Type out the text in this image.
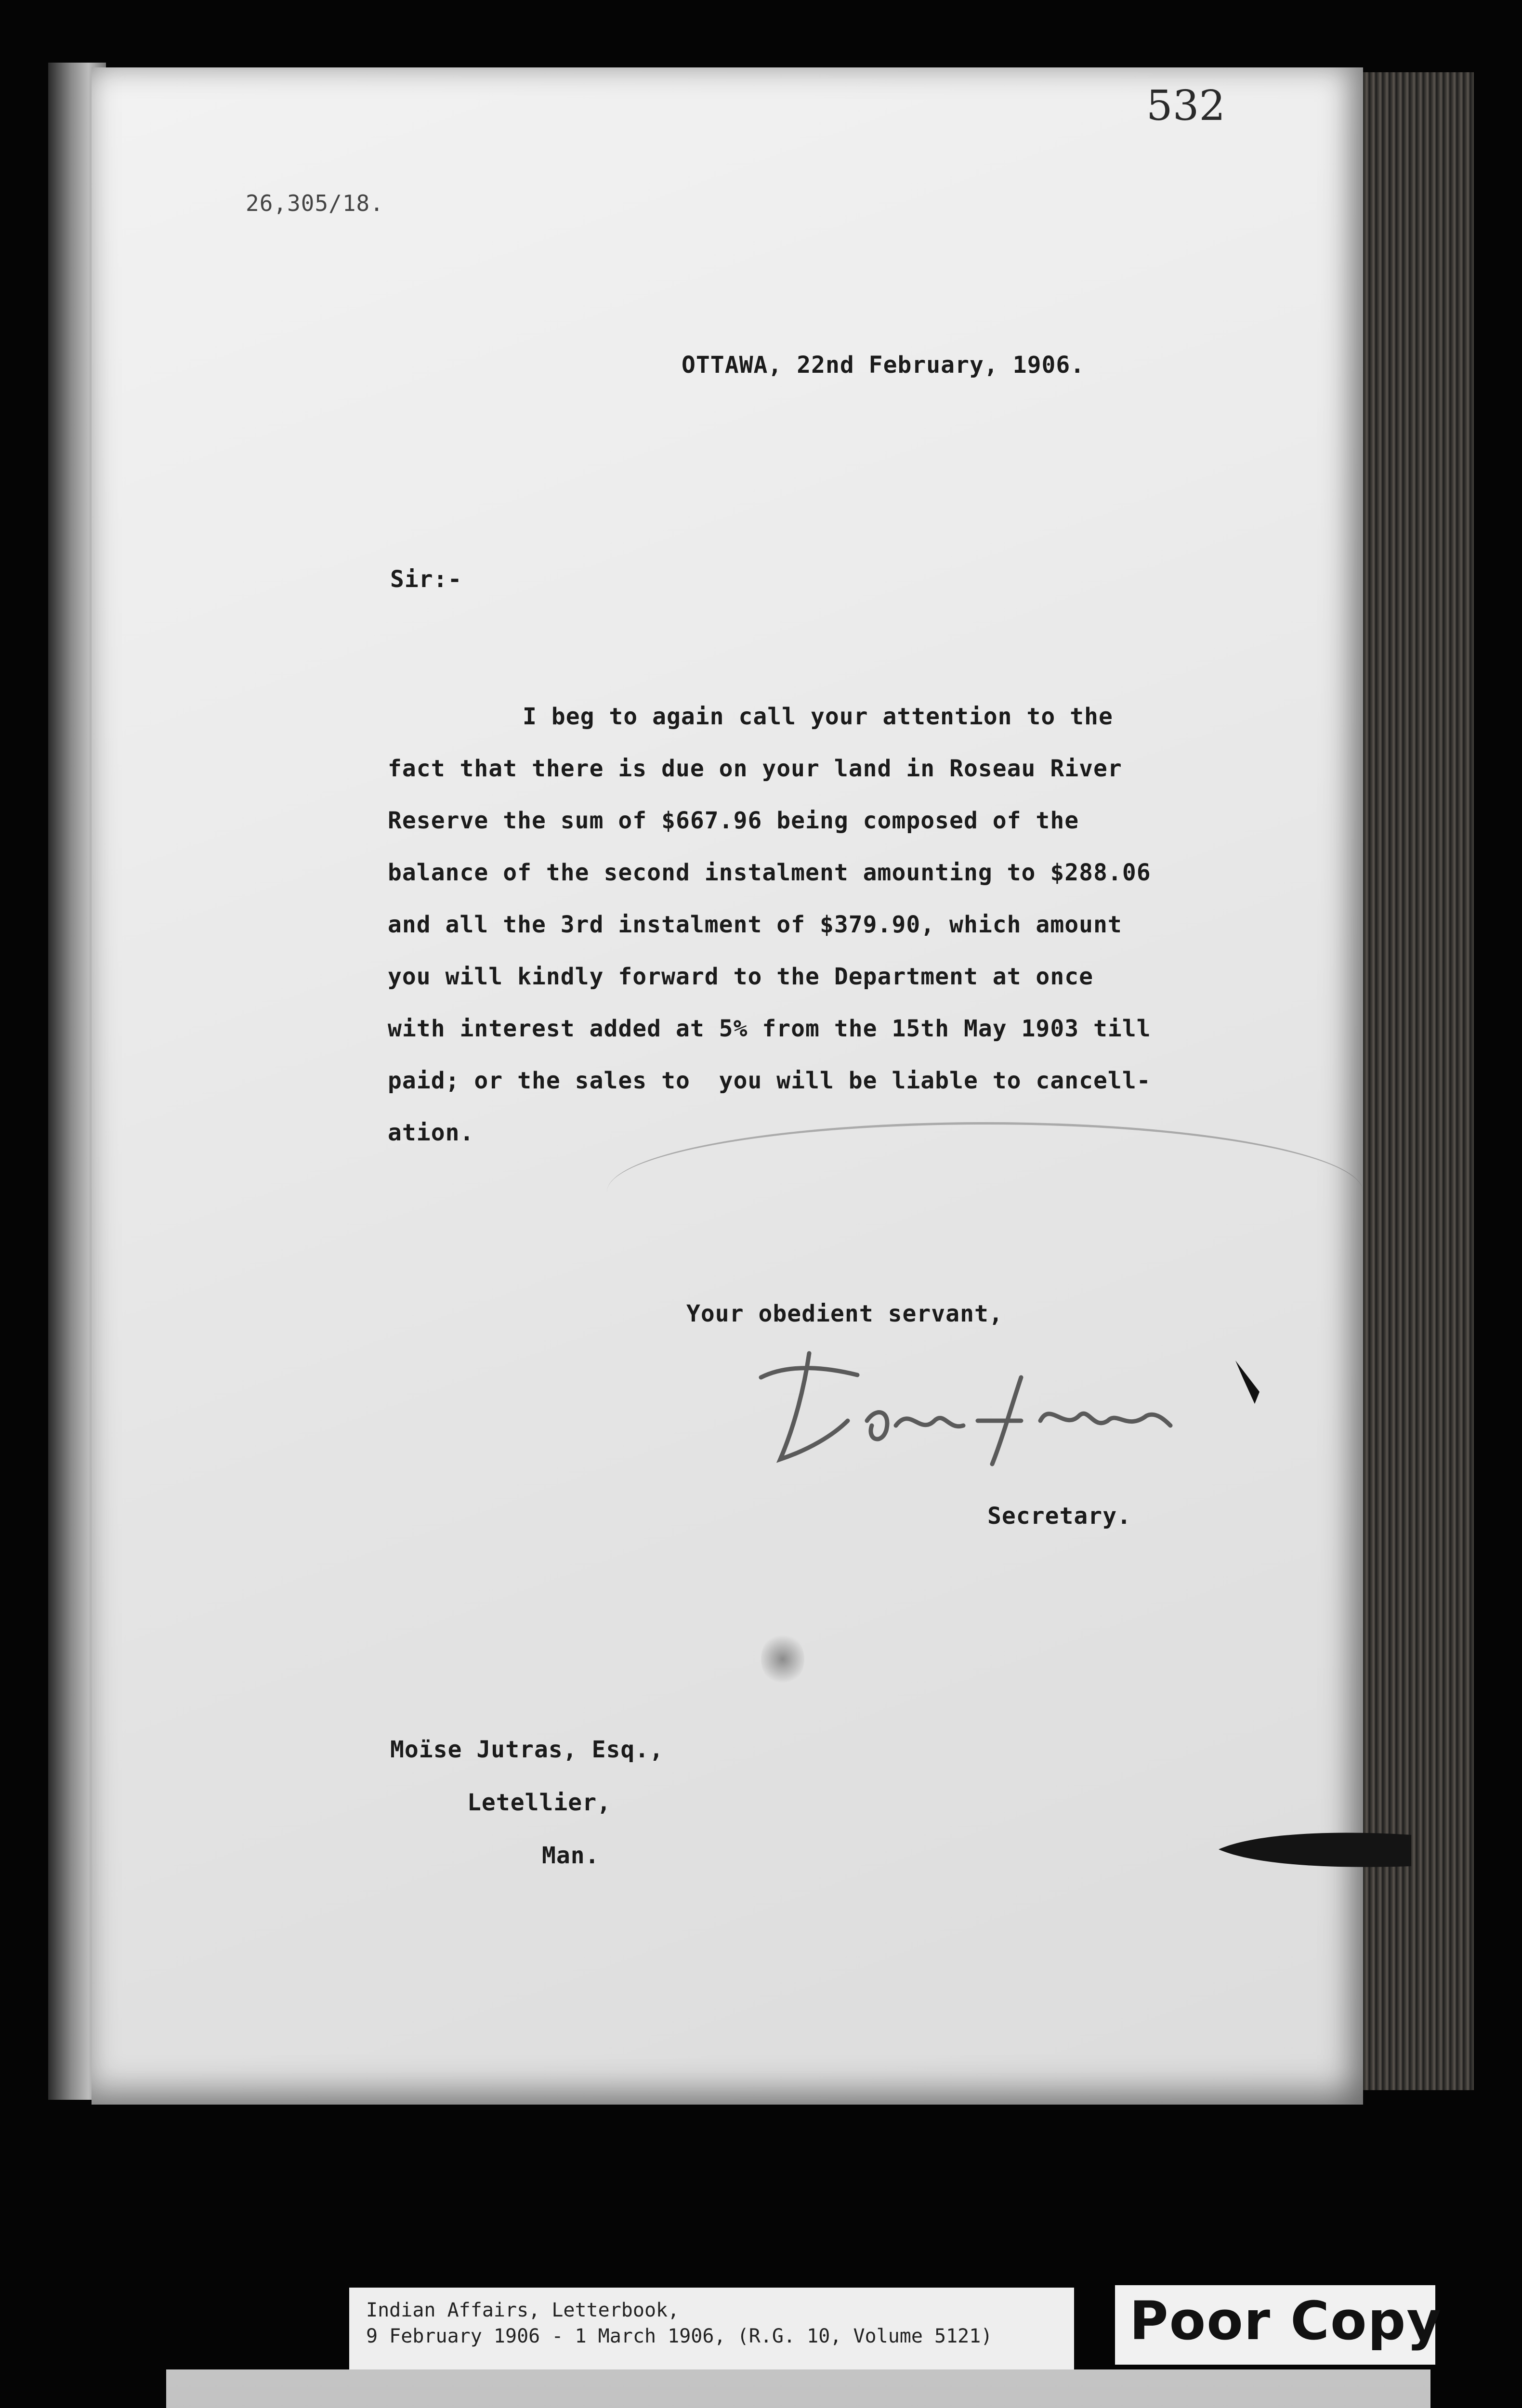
532
26,305/18.
OTTAWA, 22nd February, 1906.
Sir:-
I beg to again call your attention to the
fact that there is due on your land in Roseau River
Reserve the sum of $667.96 being composed of the
balance of the second instalment amounting to $288.06
and all the 3rd instalment of $379.90, which amount
you will kindly forward to the Department at once
with interest added at 5% from the 15th May 1903 till
paid; or the sales to  you will be liable to cancell-
ation.
Your obedient servant,
Secretary.
Moïse Jutras, Esq.,
Letellier,
Man.
Indian Affairs, Letterbook,
9 February 1906 - 1 March 1906, (R.G. 10, Volume 5121)	Poor Copy
